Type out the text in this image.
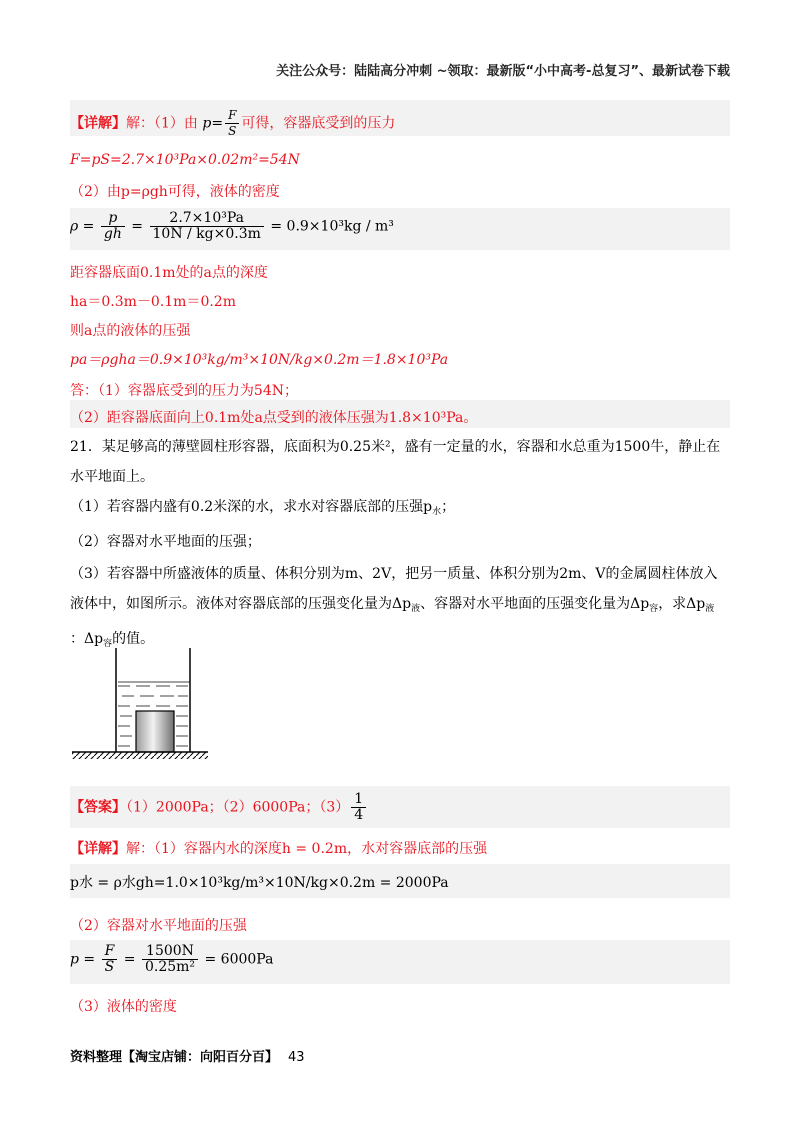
关注公众号：陆陆高分冲刺 ~领取：最新版“小中高考-总复习”、最新试卷下载
【详解】解：（1）由 $p= \frac{F}{S}$ 可得，容器底受到的压力
F=pS=2.7×10³Pa×0.02m²=54N
（2）由p=ρgh可得，液体的密度
$\rho = \frac{p}{gh} = \frac{\text{2.7×10³Pa}}{10N / kg\times 0.3m} = 0.9\times 10^3kg / m^3$
距容器底面0.1m处的a点的深度
ha＝0.3m－0.1m＝0.2m
则a点的液体的压强
pa＝ρgha＝0.9×10³kg/m³×10N/kg×0.2m＝1.8×10³Pa
答：（1）容器底受到的压力为54N；
（2）距容器底面向上0.1m处a点受到的液体压强为1.8×10³Pa。
21．某足够高的薄壁圆柱形容器，底面积为0.25米²，盛有一定量的水，容器和水总重为1500牛，静止在
水平地面上。
（1）若容器内盛有0.2米深的水，求水对容器底部的压强$p_水$；
（2）容器对水平地面的压强；
（3）若容器中所盛液体的质量、体积分别为m、2V，把另一质量、体积分别为2m、V的金属圆柱体放入
液体中，如图所示。液体对容器底部的压强变化量为$\Delta p_液$、容器对水平地面的压强变化量为$\Delta p_容$，求$\Delta p_液$
：$\Delta p_容$的值。
【答案】（1）2000Pa；（2）6000Pa；$(3) \frac{1}{4}$
【详解】解：（1）容器内水的深度h = 0.2m，水对容器底部的压强
p水 = ρ水gh=1.0×10³kg/m³×10N/kg×0.2m = 2000Pa
（2）容器对水平地面的压强
$p = \frac{F}{S} = \frac{1500N}{\text{0.25m²}} = 6000Pa$
（3）液体的密度
资料整理【淘宝店铺：向阳百分百】 43
